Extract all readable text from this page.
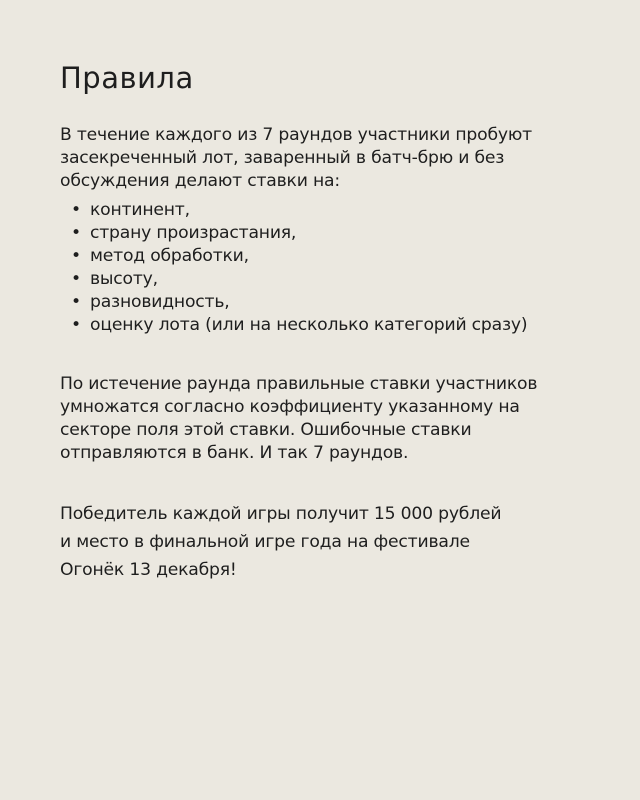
Правила
В течение каждого из 7 раундов участники пробуют
засекреченный лот, заваренный в батч-брю и без
обсуждения делают ставки на:
• континент,
• страну произрастания,
• метод обработки,
• высоту,
• разновидность,
• оценку лота (или на несколько категорий сразу)
По истечение раунда правильные ставки участников
умножатся согласно коэффициенту указанному на
секторе поля этой ставки. Ошибочные ставки
отправляются в банк. И так 7 раундов.
Победитель каждой игры получит 15 000 рублей
и место в финальной игре года на фестивале
Огонёк 13 декабря!
